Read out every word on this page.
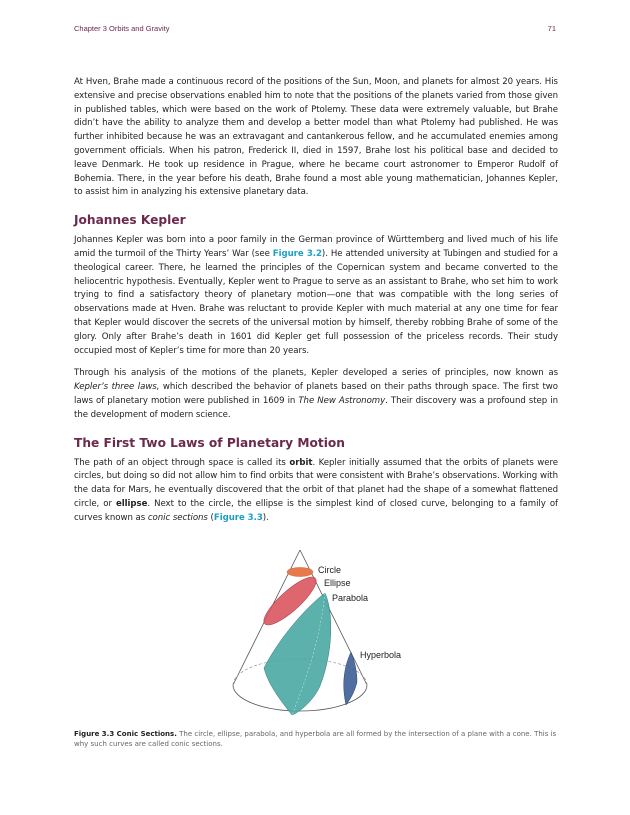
Chapter 3 Orbits and Gravity	71

At Hven, Brahe made a continuous record of the positions of the Sun, Moon, and planets for almost 20 years. His extensive and precise observations enabled him to note that the positions of the planets varied from those given in published tables, which were based on the work of Ptolemy. These data were extremely valuable, but Brahe didn’t have the ability to analyze them and develop a better model than what Ptolemy had published. He was further inhibited because he was an extravagant and cantankerous fellow, and he accumulated enemies among government officials. When his patron, Frederick II, died in 1597, Brahe lost his political base and decided to leave Denmark. He took up residence in Prague, where he became court astronomer to Emperor Rudolf of Bohemia. There, in the year before his death, Brahe found a most able young mathematician, Johannes Kepler, to assist him in analyzing his extensive planetary data.

Johannes Kepler

Johannes Kepler was born into a poor family in the German province of Württemberg and lived much of his life amid the turmoil of the Thirty Years’ War (see Figure 3.2). He attended university at Tubingen and studied for a theological career. There, he learned the principles of the Copernican system and became converted to the heliocentric hypothesis. Eventually, Kepler went to Prague to serve as an assistant to Brahe, who set him to work trying to find a satisfactory theory of planetary motion—one that was compatible with the long series of observations made at Hven. Brahe was reluctant to provide Kepler with much material at any one time for fear that Kepler would discover the secrets of the universal motion by himself, thereby robbing Brahe of some of the glory. Only after Brahe’s death in 1601 did Kepler get full possession of the priceless records. Their study occupied most of Kepler’s time for more than 20 years.

Through his analysis of the motions of the planets, Kepler developed a series of principles, now known as Kepler’s three laws, which described the behavior of planets based on their paths through space. The first two laws of planetary motion were published in 1609 in The New Astronomy. Their discovery was a profound step in the development of modern science.

The First Two Laws of Planetary Motion

The path of an object through space is called its orbit. Kepler initially assumed that the orbits of planets were circles, but doing so did not allow him to find orbits that were consistent with Brahe’s observations. Working with the data for Mars, he eventually discovered that the orbit of that planet had the shape of a somewhat flattened circle, or ellipse. Next to the circle, the ellipse is the simplest kind of closed curve, belonging to a family of curves known as conic sections (Figure 3.3).

Circle
Ellipse
Parabola
Hyperbola
Figure 3.3 Conic Sections. The circle, ellipse, parabola, and hyperbola are all formed by the intersection of a plane with a cone. This is why such curves are called conic sections.
